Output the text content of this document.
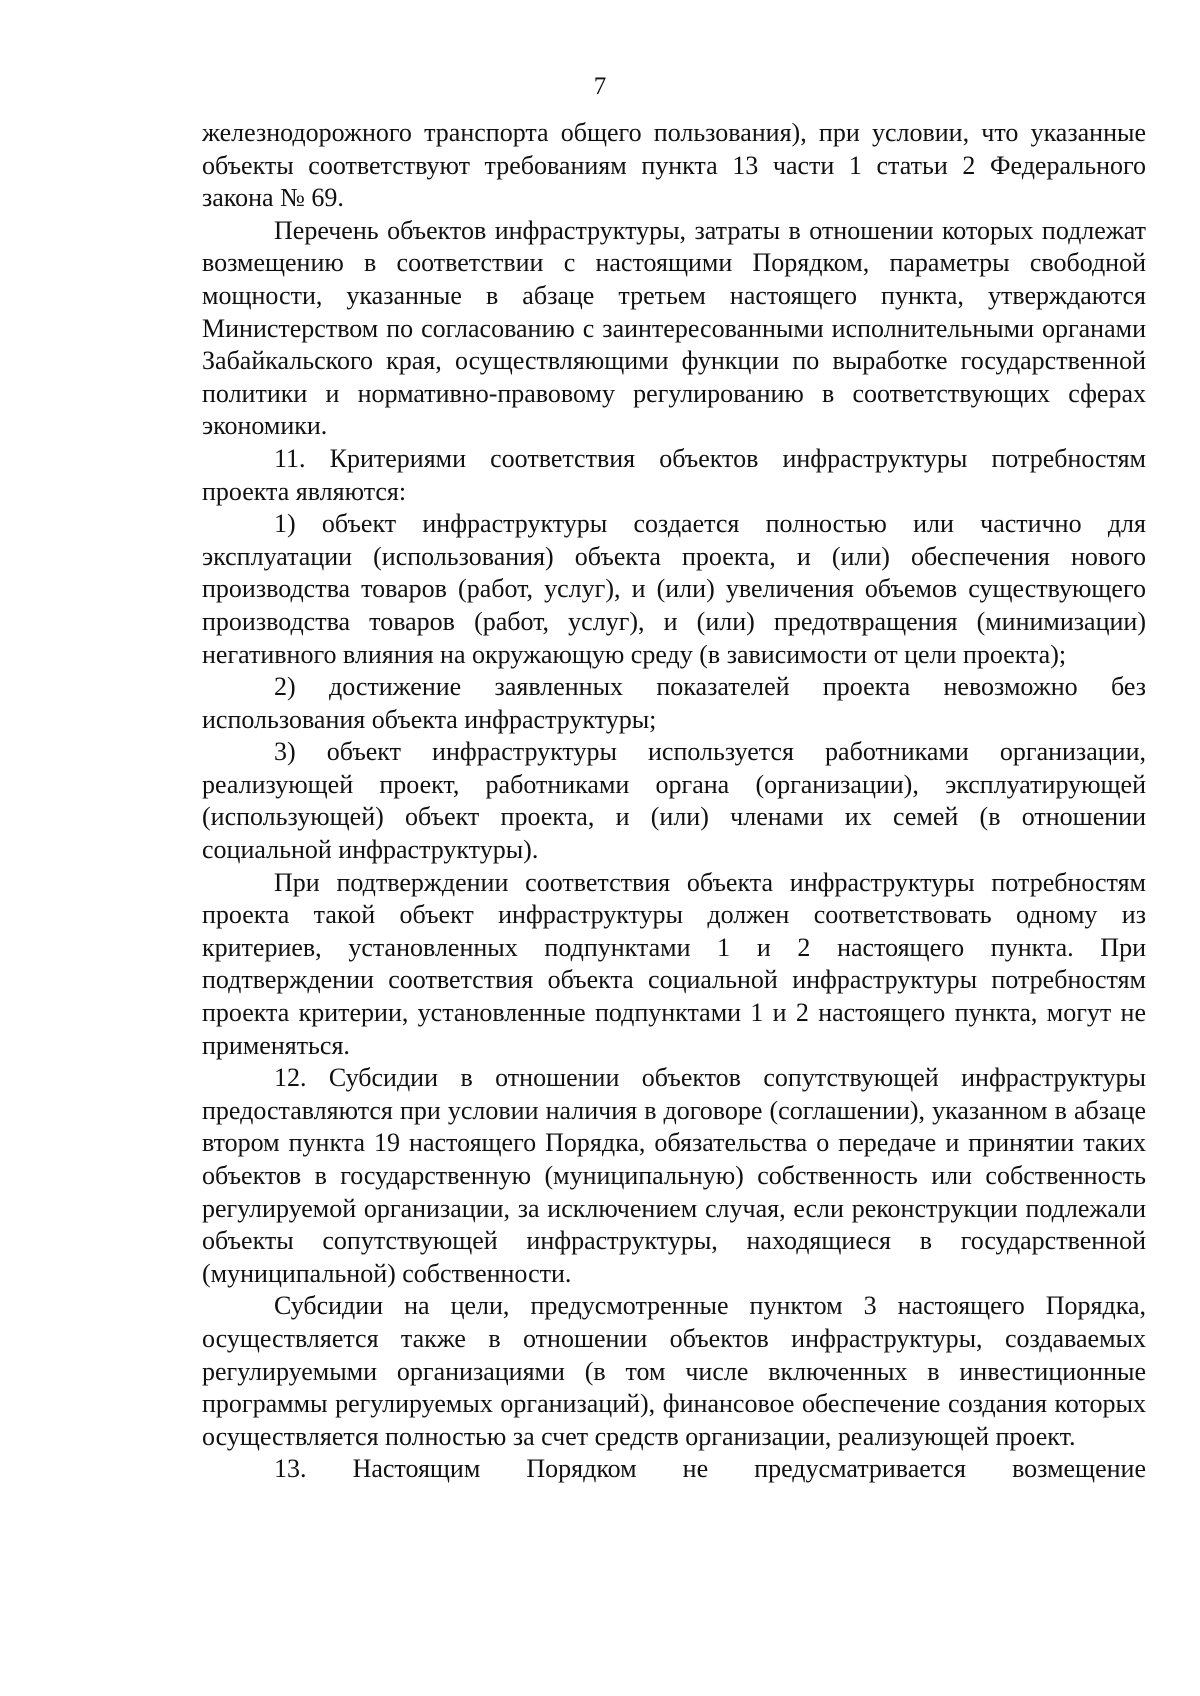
7

железнодорожного транспорта общего пользования), при условии, что указанные объекты соответствуют требованиям пункта 13 части 1 статьи 2 Федерального закона № 69.

Перечень объектов инфраструктуры, затраты в отношении которых подлежат возмещению в соответствии с настоящими Порядком, параметры свободной мощности, указанные в абзаце третьем настоящего пункта, утверждаются Министерством по согласованию с заинтересованными исполнительными органами Забайкальского края, осуществляющими функции по выработке государственной политики и нормативно-правовому регулированию в соответствующих сферах экономики.

11. Критериями соответствия объектов инфраструктуры потребностям проекта являются:

1) объект инфраструктуры создается полностью или частично для эксплуатации (использования) объекта проекта, и (или) обеспечения нового производства товаров (работ, услуг), и (или) увеличения объемов существующего производства товаров (работ, услуг), и (или) предотвращения (минимизации) негативного влияния на окружающую среду (в зависимости от цели проекта);

2) достижение заявленных показателей проекта невозможно без использования объекта инфраструктуры;

3) объект инфраструктуры используется работниками организации, реализующей проект, работниками органа (организации), эксплуатирующей (использующей) объект проекта, и (или) членами их семей (в отношении социальной инфраструктуры).

При подтверждении соответствия объекта инфраструктуры потребностям проекта такой объект инфраструктуры должен соответствовать одному из критериев, установленных подпунктами 1 и 2 настоящего пункта. При подтверждении соответствия объекта социальной инфраструктуры потребностям проекта критерии, установленные подпунктами 1 и 2 настоящего пункта, могут не применяться.

12. Субсидии в отношении объектов сопутствующей инфраструктуры предоставляются при условии наличия в договоре (соглашении), указанном в абзаце втором пункта 19 настоящего Порядка, обязательства о передаче и принятии таких объектов в государственную (муниципальную) собственность или собственность регулируемой организации, за исключением случая, если реконструкции подлежали объекты сопутствующей инфраструктуры, находящиеся в государственной (муниципальной) собственности.

Субсидии на цели, предусмотренные пунктом 3 настоящего Порядка, осуществляется также в отношении объектов инфраструктуры, создаваемых регулируемыми организациями (в том числе включенных в инвестиционные программы регулируемых организаций), финансовое обеспечение создания которых осуществляется полностью за счет средств организации, реализующей проект.

13. Настоящим Порядком не предусматривается возмещение
